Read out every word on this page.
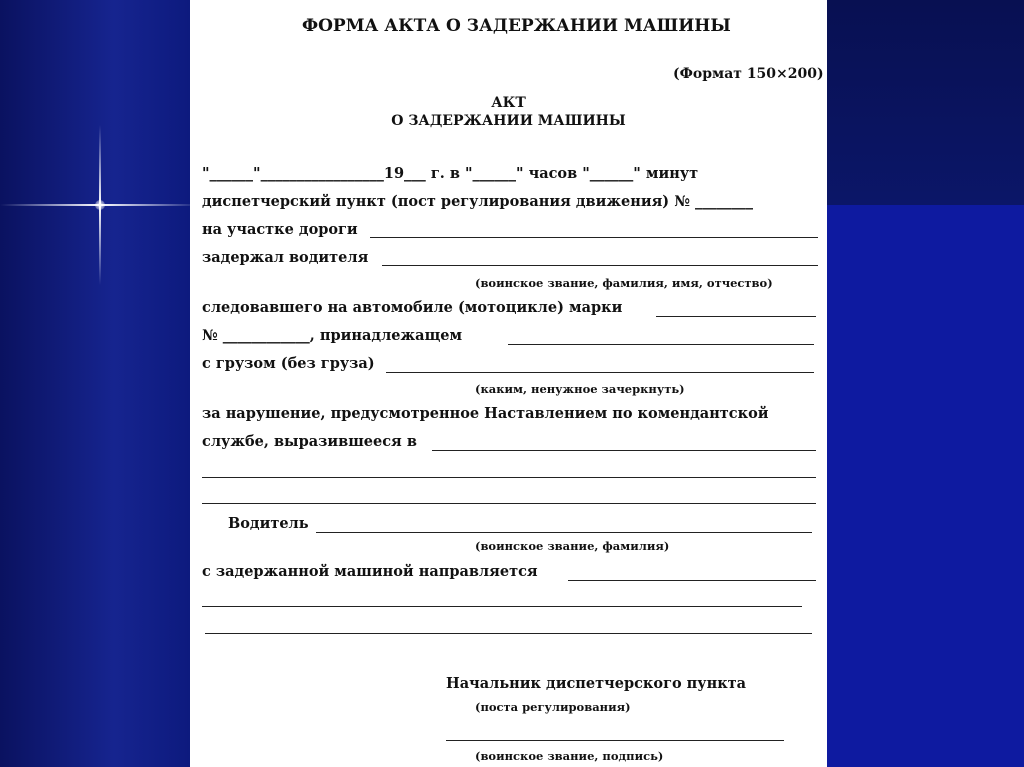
ФОРМА АКТА О ЗАДЕРЖАНИИ МАШИНЫ
(Формат 150×200)
АКТ
О ЗАДЕРЖАНИИ МАШИНЫ
"______"_________________19___ г. в "______" часов "______" минут
диспетчерский пункт (пост регулирования движения) № ________
на участке дороги
задержал водителя
(воинское звание, фамилия, имя, отчество)
следовавшего на автомобиле (мотоцикле) марки
№ ____________, принадлежащем
с грузом (без груза)
(каким, ненужное зачеркнуть)
за нарушение, предусмотренное Наставлением по комендантской
службе, выразившееся в
Водитель
(воинское звание, фамилия)
с задержанной машиной направляется
Начальник диспетчерского пункта
(поста регулирования)
(воинское звание, подпись)
